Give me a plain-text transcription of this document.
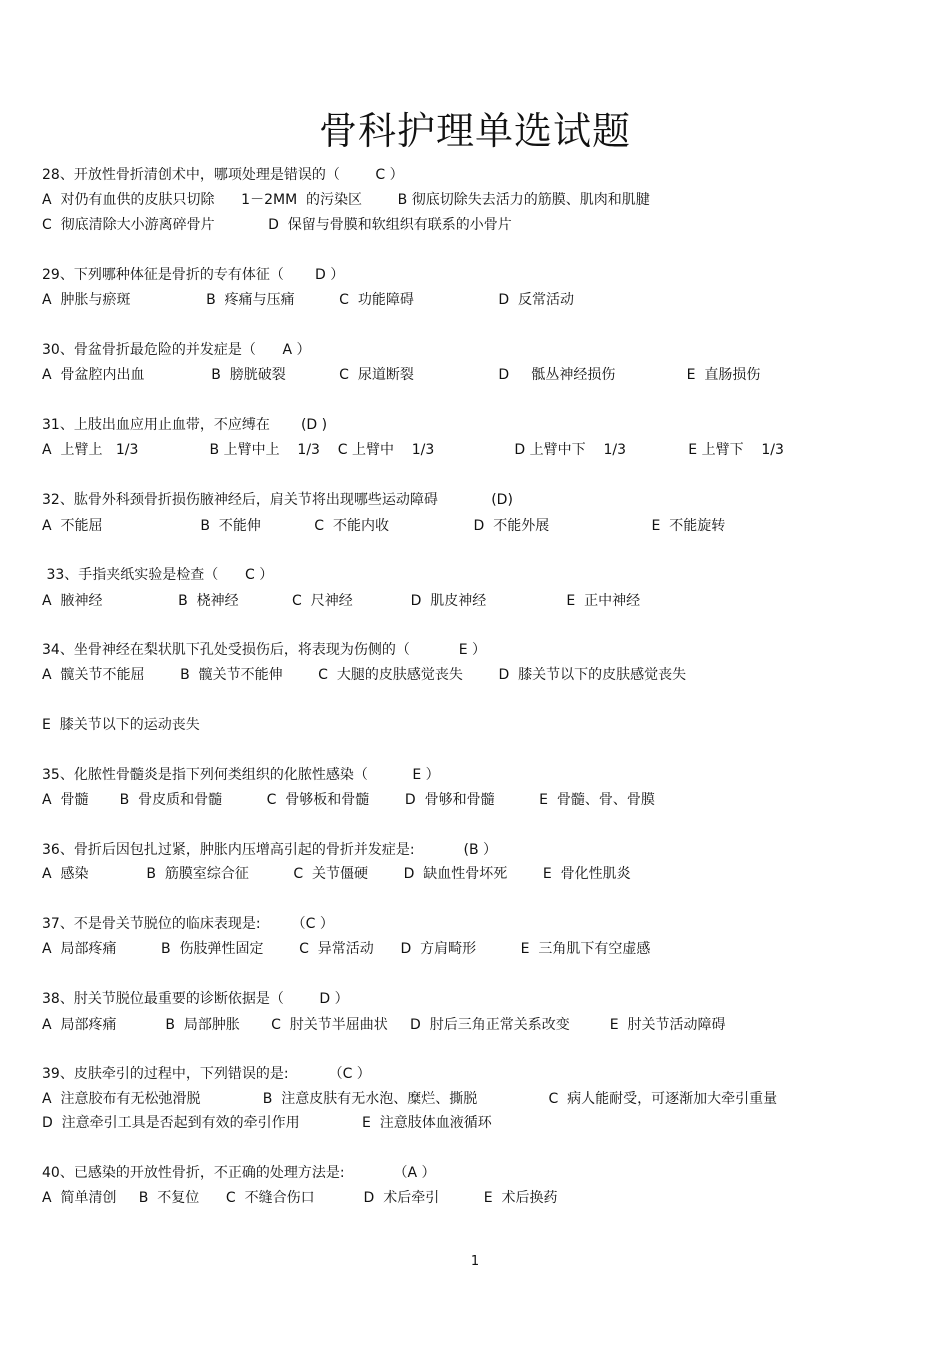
骨科护理单选试题
28、开放性骨折清创术中，哪项处理是错误的（        C ）
A  对仍有血供的皮肤只切除      1－2MM  的污染区        B 彻底切除失去活力的筋膜、肌肉和肌腱
C  彻底清除大小游离碎骨片            D  保留与骨膜和软组织有联系的小骨片
29、下列哪种体征是骨折的专有体征（       D ）
A  肿胀与瘀斑                 B  疼痛与压痛          C  功能障碍                   D  反常活动
30、骨盆骨折最危险的并发症是（      A ）
A  骨盆腔内出血               B  膀胱破裂            C  尿道断裂                   D     骶丛神经损伤                E  直肠损伤
31、上肢出血应用止血带，不应缚在       (D )
A  上臂上   1/3                B 上臂中上    1/3    C 上臂中    1/3                  D 上臂中下    1/3              E 上臂下    1/3
32、肱骨外科颈骨折损伤腋神经后，肩关节将出现哪些运动障碍            (D)
A  不能屈                      B  不能伸            C  不能内收                   D  不能外展                       E  不能旋转
33、手指夹纸实验是检查（      C ）
A  腋神经                 B  桡神经            C  尺神经             D  肌皮神经                  E  正中神经
34、坐骨神经在梨状肌下孔处受损伤后，将表现为伤侧的（           E ）
A  髋关节不能屈        B  髋关节不能伸        C  大腿的皮肤感觉丧失        D  膝关节以下的皮肤感觉丧失
E  膝关节以下的运动丧失
35、化脓性骨髓炎是指下列何类组织的化脓性感染（          E ）
A  骨髓       B  骨皮质和骨髓          C  骨够板和骨髓        D  骨够和骨髓          E  骨髓、骨、骨膜
36、骨折后因包扎过紧，肿胀内压增高引起的骨折并发症是:           (B ）
A  感染             B  筋膜室综合征          C  关节僵硬        D  缺血性骨坏死        E  骨化性肌炎
37、不是骨关节脱位的临床表现是:       （C ）
A  局部疼痛          B  伤肢弹性固定        C  异常活动      D  方肩畸形          E  三角肌下有空虚感
38、肘关节脱位最重要的诊断依据是（        D ）
A  局部疼痛           B  局部肿胀       C  肘关节半屈曲状     D  肘后三角正常关系改变         E  肘关节活动障碍
39、皮肤牵引的过程中，下列错误的是:         （C ）
A  注意胶布有无松弛滑脱              B  注意皮肤有无水泡、糜烂、撕脱                C  病人能耐受，可逐渐加大牵引重量
D  注意牵引工具是否起到有效的牵引作用              E  注意肢体血液循环
40、已感染的开放性骨折，不正确的处理方法是:           （A ）
A  简单清创     B  不复位      C  不缝合伤口           D  术后牵引          E  术后换药
1
